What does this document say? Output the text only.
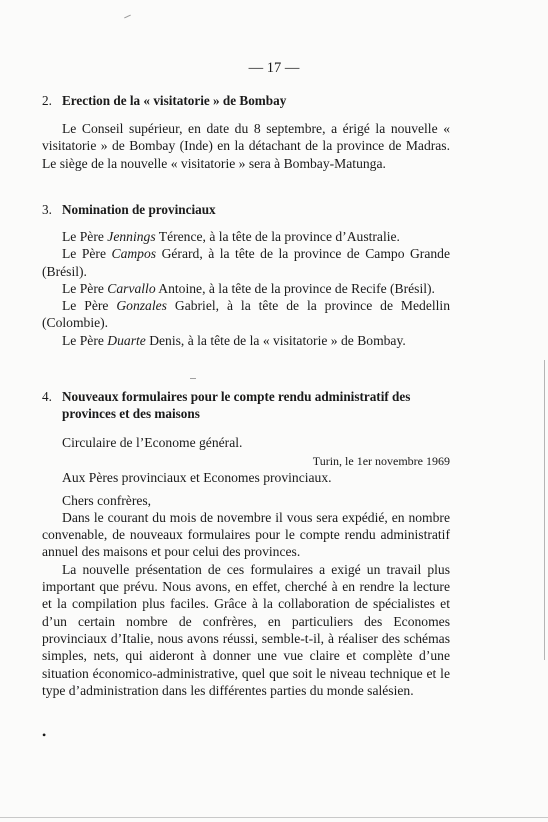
— 17 —
2. Erection de la « visitatorie » de Bombay

Le Conseil supérieur, en date du 8 septembre, a érigé la nouvelle « visitatorie » de Bombay (Inde) en la détachant de la province de Madras. Le siège de la nouvelle « visitatorie » sera à Bombay-Matunga.

3. Nomination de provinciaux

Le Père Jennings Térence, à la tête de la province d’Australie.

Le Père Campos Gérard, à la tête de la province de Campo Grande (Brésil).

Le Père Carvallo Antoine, à la tête de la province de Recife (Brésil).

Le Père Gonzales Gabriel, à la tête de la province de Medellin (Colombie).

Le Père Duarte Denis, à la tête de la « visitatorie » de Bombay.

4. Nouveaux formulaires pour le compte rendu administratif des provinces et des maisons

Circulaire de l’Econome général.

Turin, le 1er novembre 1969

Aux Pères provinciaux et Economes provinciaux.

Chers confrères,

Dans le courant du mois de novembre il vous sera expédié, en nombre convenable, de nouveaux formulaires pour le compte rendu administratif annuel des maisons et pour celui des provinces.

La nouvelle présentation de ces formulaires a exigé un travail plus important que prévu. Nous avons, en effet, cherché à en rendre la lecture et la compilation plus faciles. Grâce à la collaboration de spécialistes et d’un certain nombre de confrères, en particuliers des Economes provinciaux d’Italie, nous avons réussi, semble-t-il, à réaliser des schémas simples, nets, qui aideront à donner une vue claire et complète d’une situation économico-administrative, quel que soit le niveau technique et le type d’administration dans les différentes parties du monde salésien.

•
